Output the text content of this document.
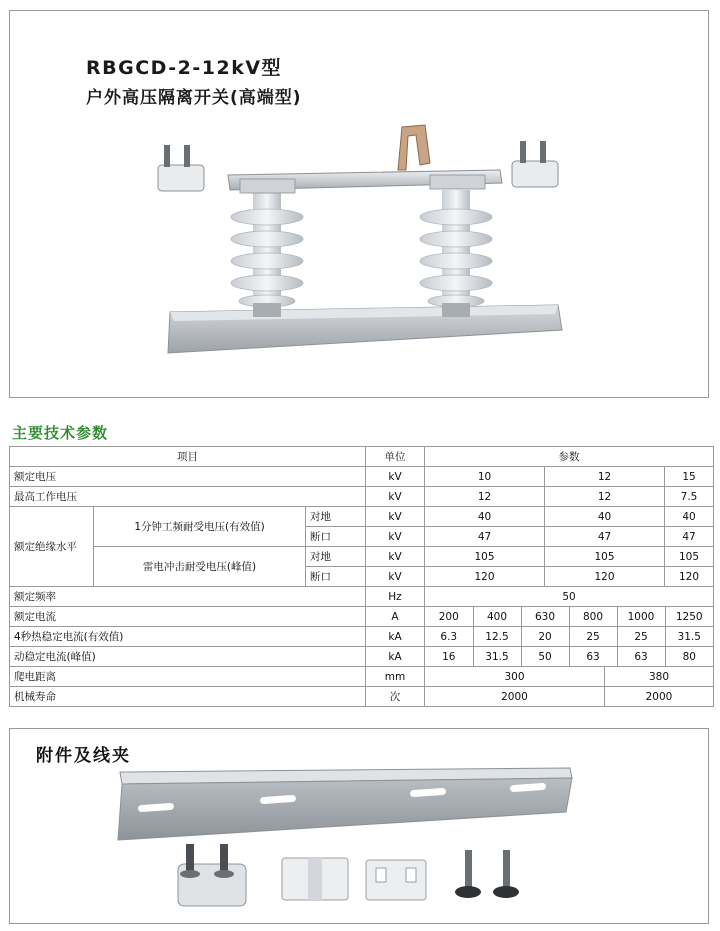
RBGCD-2-12kV型
户外高压隔离开关(高端型)
主要技术参数
项目	单位	参数
额定电压	kV	10	12	15
最高工作电压	kV	12	12	7.5
额定绝缘水平	1分钟工频耐受电压(有效值)	对地	kV	40	40	40
断口	kV	47	47	47
雷电冲击耐受电压(峰值)	对地	kV	105	105	105
断口	kV	120	120	120
额定频率	Hz	50
额定电流	A		200	400	630	800	1000	1250

4秒热稳定电流(有效值)	kA		6.3	12.5	20	25	25	31.5

动稳定电流(峰值)	kA		16	31.5	50	63	63	80

爬电距离	mm	300	380
机械寿命	次	2000	2000
附件及线夹
